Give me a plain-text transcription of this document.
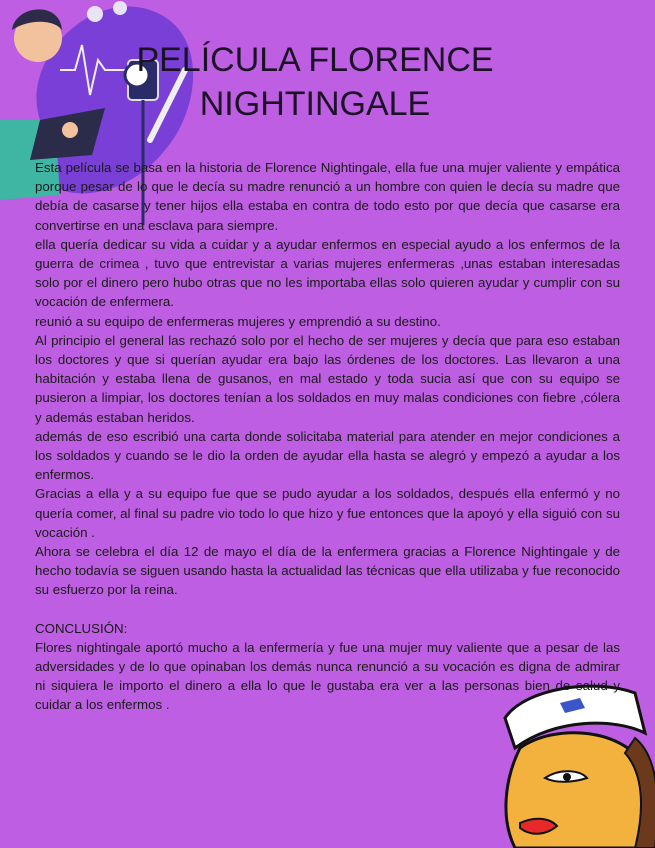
PELÍCULA FLORENCE
NIGHTINGALE

Esta película se basa en la historia de Florence Nightingale, ella fue una mujer valiente y empática porque pesar de lo que le decía su madre renunció a un hombre con quien le decía su madre que debía de casarse y tener hijos ella estaba en contra de todo esto por que decía que casarse era convertirse en una esclava para siempre.

ella quería dedicar su vida a cuidar y a ayudar enfermos en especial ayudo a los enfermos de la guerra de crimea , tuvo que entrevistar a varias mujeres enfermeras ,unas estaban interesadas solo por el dinero pero hubo otras que no les importaba ellas solo quieren ayudar y cumplir con su vocación de enfermera.

reunió a su equipo de enfermeras mujeres y emprendió a su destino.

Al principio el general las rechazó solo por el hecho de ser mujeres y decía que para eso estaban los doctores y que si querían ayudar era bajo las órdenes de los doctores. Las llevaron a una habitación y estaba llena de gusanos, en mal estado y toda sucia así que con su equipo se pusieron a limpiar, los doctores tenían a los soldados en muy malas condiciones con fiebre ,cólera y además estaban heridos.

además de eso escribió una carta donde solicitaba material para atender en mejor condiciones a los soldados y cuando se le dio la orden de ayudar ella hasta se alegró y empezó a ayudar a los enfermos.

Gracias a ella y a su equipo fue que se pudo ayudar a los soldados, después ella enfermó y no quería comer, al final su padre vio todo lo que hizo y fue entonces que la apoyó y ella siguió con su vocación .

Ahora se celebra el día 12 de mayo el día de la enfermera gracias a Florence Nightingale y de hecho todavía se siguen usando hasta la actualidad las técnicas que ella utilizaba y fue reconocido su esfuerzo por la reina.

CONCLUSIÓN:

Flores nightingale aportó mucho a la enfermería y fue una mujer muy valiente que a pesar de las adversidades y de lo que opinaban los demás nunca renunció a su vocación es digna de admirar ni siquiera le importo el dinero a ella lo que le gustaba era ver a las personas bien de salud y cuidar a los enfermos .
